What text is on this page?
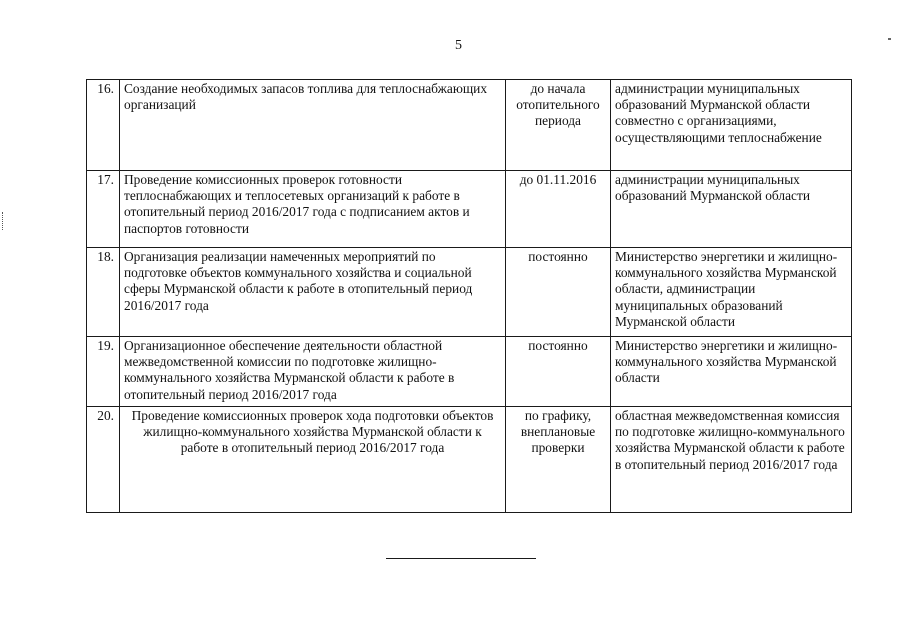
5
16.	Создание необходимых запасов топлива для теплоснабжающих организаций	до начала отопительного периода	администрации муниципальных образований Мурманской области совместно с организациями, осуществляющими теплоснабжение
17.	Проведение комиссионных проверок готовности теплоснабжающих и теплосетевых организаций к работе в отопительный период 2016/2017 года с подписанием актов и паспортов готовности	до 01.11.2016	администрации муниципальных образований Мурманской области
18.	Организация реализации намеченных мероприятий по подготовке объектов коммунального хозяйства и социальной сферы Мурманской области к работе в отопительный период 2016/2017 года	постоянно	Министерство энергетики и жилищно-коммунального хозяйства Мурманской области, администрации муниципальных образований Мурманской области
19.	Организационное обеспечение деятельности областной межведомственной комиссии по подготовке жилищно-коммунального хозяйства Мурманской области к работе в отопительный период 2016/2017 года	постоянно	Министерство энергетики и жилищно-коммунального хозяйства Мурманской области
20.	Проведение комиссионных проверок хода подготовки объектов жилищно-коммунального хозяйства Мурманской области к работе в отопительный период 2016/2017 года	по графику, внеплановые проверки	областная межведомственная комиссия по подготовке жилищно-коммунального хозяйства Мурманской области к работе в отопительный период 2016/2017 года
